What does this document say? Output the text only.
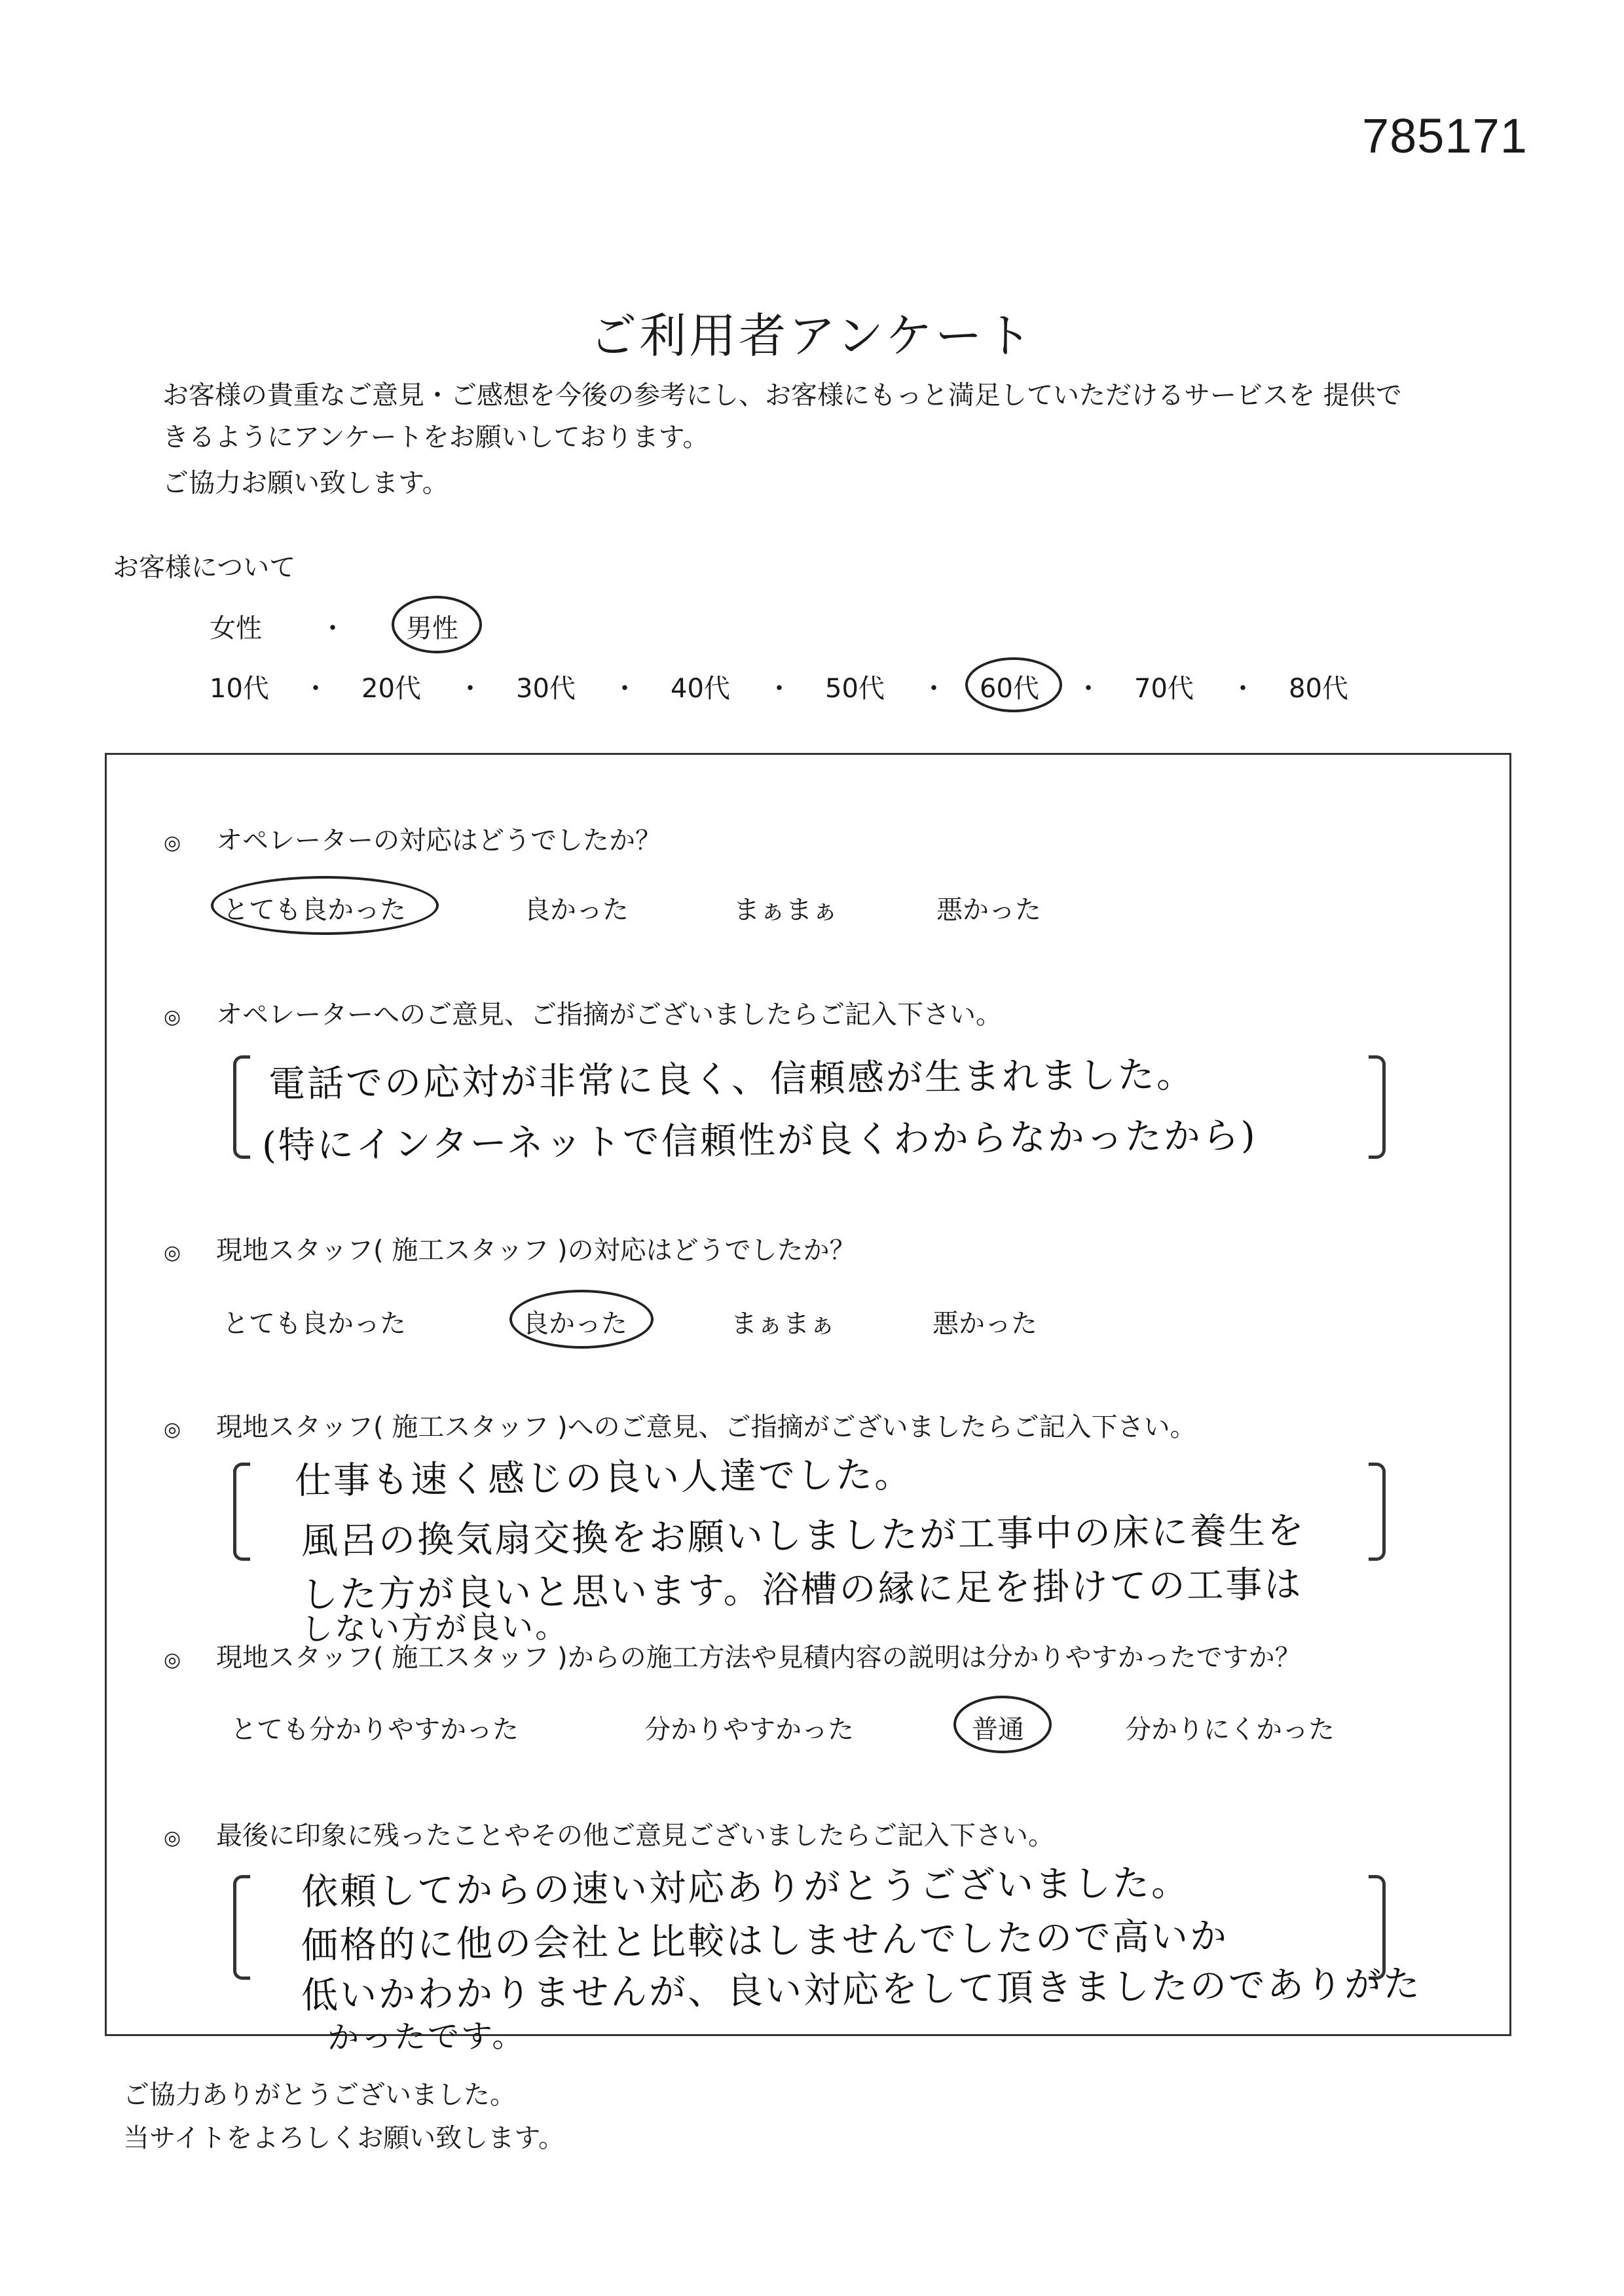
785171
ご利用者アンケート
お客様の貴重なご意見・ご感想を今後の参考にし、お客様にもっと満足していただけるサービスを 提供で
きるようにアンケートをお願いしております。
ご協力お願い致します。
お客様について
女性 ・ 男性
10代 ・ 20代 ・ 30代 ・ 40代 ・ 50代 ・ 60代 ・ 70代 ・ 80代
◎ オペレーターの対応はどうでしたか？
とても良かった	良かった	まぁまぁ	悪かった
◎ オペレーターへのご意見、ご指摘がございましたらご記入下さい。
電話での応対が非常に良く、信頼感が生まれました。
(特にインターネットで信頼性が良くわからなかったから)
◎ 現地スタッフ( 施工スタッフ )の対応はどうでしたか？
とても良かった	良かった	まぁまぁ	悪かった
◎ 現地スタッフ( 施工スタッフ )へのご意見、ご指摘がございましたらご記入下さい。
仕事も速く感じの良い人達でした。
風呂の換気扇交換をお願いしましたが工事中の床に養生を
した方が良いと思います。浴槽の縁に足を掛けての工事は
しない方が良い。
◎ 現地スタッフ( 施工スタッフ )からの施工方法や見積内容の説明は分かりやすかったですか？
とても分かりやすかった	分かりやすかった	普通	分かりにくかった
◎ 最後に印象に残ったことやその他ご意見ございましたらご記入下さい。
依頼してからの速い対応ありがとうございました。
価格的に他の会社と比較はしませんでしたので高いか
低いかわかりませんが、良い対応をして頂きましたのでありがた
かったです。
ご協力ありがとうございました。
当サイトをよろしくお願い致します。
